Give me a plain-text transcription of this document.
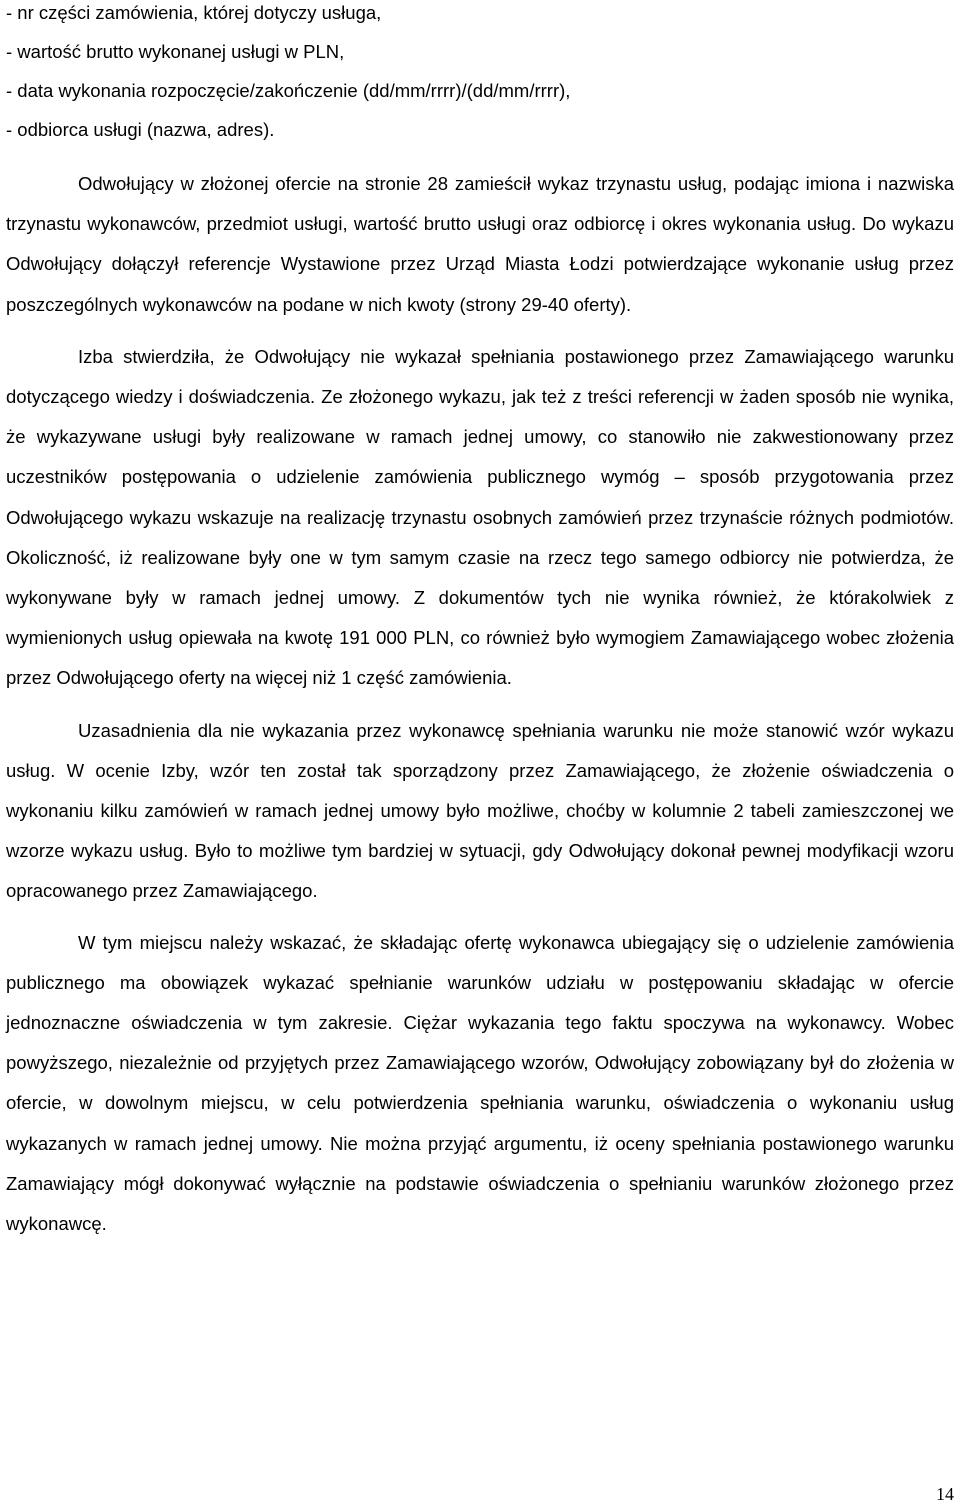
- nr części zamówienia, której dotyczy usługa,
- wartość brutto wykonanej usługi w PLN,
- data wykonania rozpoczęcie/zakończenie (dd/mm/rrrr)/(dd/mm/rrrr),
- odbiorca usługi (nazwa, adres).

Odwołujący w złożonej ofercie na stronie 28 zamieścił wykaz trzynastu usług, podając imiona i nazwiska trzynastu wykonawców, przedmiot usługi, wartość brutto usługi oraz odbiorcę i okres wykonania usług. Do wykazu Odwołujący dołączył referencje Wystawione przez Urząd Miasta Łodzi potwierdzające wykonanie usług przez poszczególnych wykonawców na podane w nich kwoty (strony 29-40 oferty).

Izba stwierdziła, że Odwołujący nie wykazał spełniania postawionego przez Zamawiającego warunku dotyczącego wiedzy i doświadczenia. Ze złożonego wykazu, jak też z treści referencji w żaden sposób nie wynika, że wykazywane usługi były realizowane w ramach jednej umowy, co stanowiło nie zakwestionowany przez uczestników postępowania o udzielenie zamówienia publicznego wymóg – sposób przygotowania przez Odwołującego wykazu wskazuje na realizację trzynastu osobnych zamówień przez trzynaście różnych podmiotów. Okoliczność, iż realizowane były one w tym samym czasie na rzecz tego samego odbiorcy nie potwierdza, że wykonywane były w ramach jednej umowy. Z dokumentów tych nie wynika również, że którakolwiek z wymienionych usług opiewała na kwotę 191 000 PLN, co również było wymogiem Zamawiającego wobec złożenia przez Odwołującego oferty na więcej niż 1 część zamówienia.

Uzasadnienia dla nie wykazania przez wykonawcę spełniania warunku nie może stanowić wzór wykazu usług. W ocenie Izby, wzór ten został tak sporządzony przez Zamawiającego, że złożenie oświadczenia o wykonaniu kilku zamówień w ramach jednej umowy było możliwe, choćby w kolumnie 2 tabeli zamieszczonej we wzorze wykazu usług. Było to możliwe tym bardziej w sytuacji, gdy Odwołujący dokonał pewnej modyfikacji wzoru opracowanego przez Zamawiającego.

W tym miejscu należy wskazać, że składając ofertę wykonawca ubiegający się o udzielenie zamówienia publicznego ma obowiązek wykazać spełnianie warunków udziału w postępowaniu składając w ofercie jednoznaczne oświadczenia w tym zakresie. Ciężar wykazania tego faktu spoczywa na wykonawcy. Wobec powyższego, niezależnie od przyjętych przez Zamawiającego wzorów, Odwołujący zobowiązany był do złożenia w ofercie, w dowolnym miejscu, w celu potwierdzenia spełniania warunku, oświadczenia o wykonaniu usług wykazanych w ramach jednej umowy. Nie można przyjąć argumentu, iż oceny spełniania postawionego warunku Zamawiający mógł dokonywać wyłącznie na podstawie oświadczenia o spełnianiu warunków złożonego przez wykonawcę.

14
